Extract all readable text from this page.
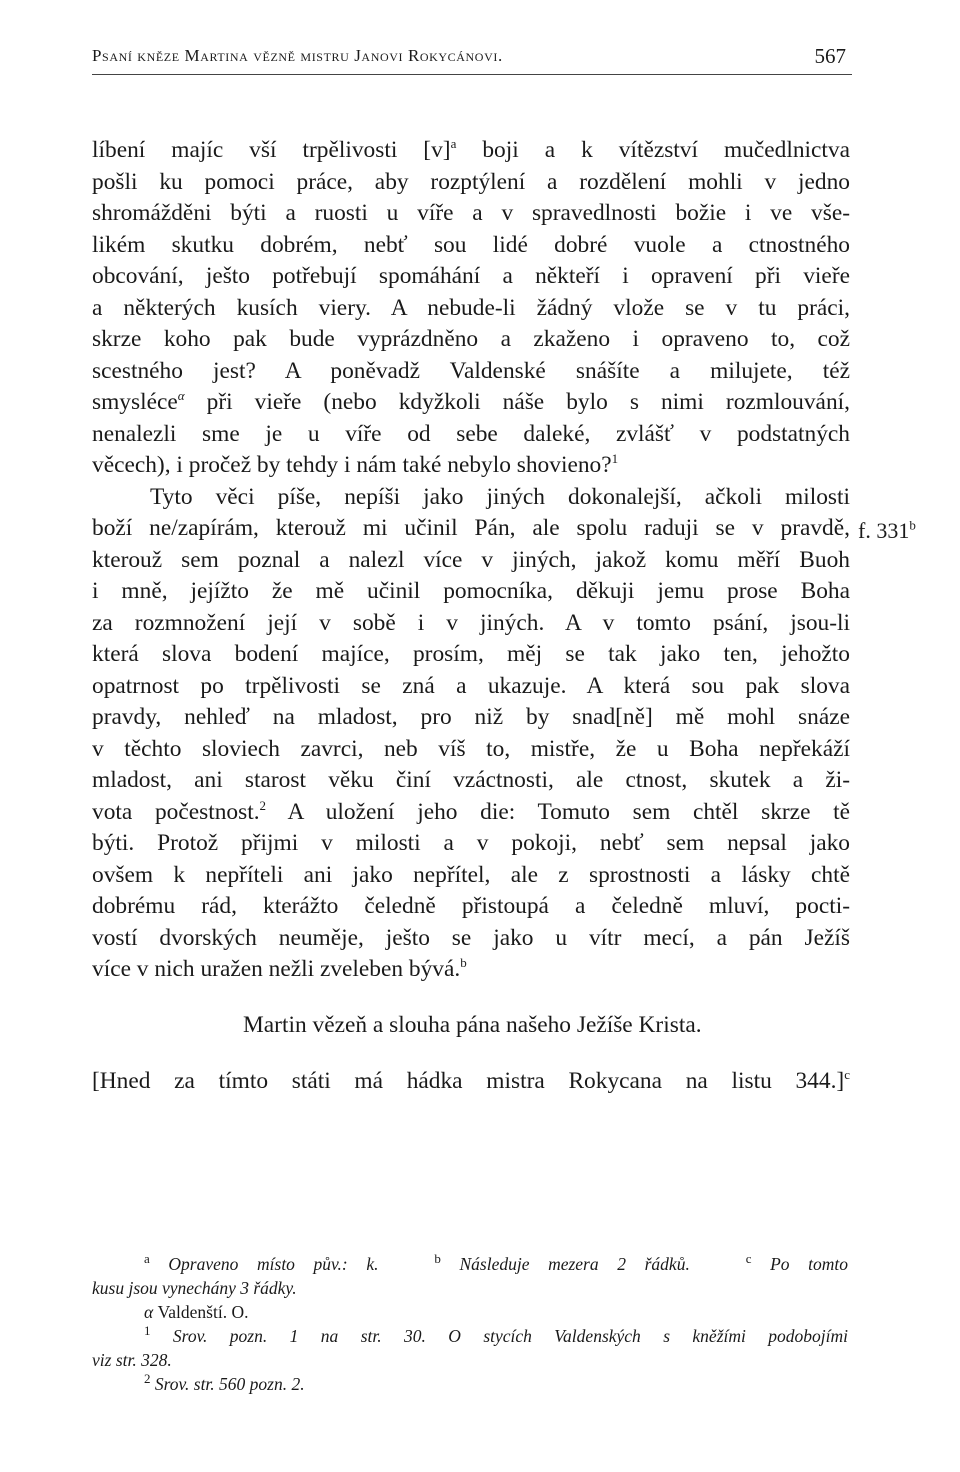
Psaní kněze Martina vězně mistru Janovi Rokycánovi.	567
líbení majíc vší trpělivosti $[v]^a$ boji a k vítězství mučedlnictva
pošli ku pomoci práce, aby rozptýlení a rozdělení mohli v jedno
shromážděni býti a ruosti u víře a v spravedlnosti božie i ve vše-
likém skutku dobrém, nebť sou lidé dobré vuole a ctnostného
obcování, ješto potřebují spomáhání a někteří i opravení při vieře
a některých kusích viery. A nebude-li žádný vlože se v tu práci,
skrze koho pak bude vyprázdněno a zkaženo i opraveno to, což
scestného jest? A poněvadž Valdenské snášíte a milujete, též
smysléce$^\alpha$ při vieře (nebo kdyžkoli náše bylo s nimi rozmlouvání,
nenalezli sme je u víře od sebe daleké, zvlášť v podstatných
věcech), i pročež by tehdy i nám také nebylo shovieno?$^1$
Tyto věci píše, nepíši jako jiných dokonalejší, ačkoli milosti
boží ne/zapírám, kterouž mi učinil Pán, ale spolu raduji se v pravdě,
kterouž sem poznal a nalezl více v jiných, jakož komu měří Buoh
i mně, jejížto že mě učinil pomocníka, děkuji jemu prose Boha
za rozmnožení její v sobě i v jiných. A v tomto psání, jsou-li
která slova bodení majíce, prosím, měj se tak jako ten, jehožto
opatrnost po trpělivosti se zná a ukazuje. A která sou pak slova
pravdy, nehleď na mladost, pro niž by snad[ně] mě mohl snáze
v těchto sloviech zavrci, neb víš to, mistře, že u Boha nepřekáží
mladost, ani starost věku činí vzáctnosti, ale ctnost, skutek a ži-
vota počestnost.$^2$ A uložení jeho die: Tomuto sem chtěl skrze tě
býti. Protož přijmi v milosti a v pokoji, nebť sem nepsal jako
ovšem k nepříteli ani jako nepřítel, ale z sprostnosti a lásky chtě
dobrému rád, kterážto čeledně přistoupá a čeledně mluví, pocti-
vostí dvorských neuměje, ješto se jako u vítr mecí, a pán Ježíš
více v nich uražen nežli zveleben bývá.$^b$
f. 331$^b$
Martin vězeň a slouha pána našeho Ježíše Krista.
[Hned za tímto státi má hádka mistra Rokycana na listu 344.]$^c$
$^a$ Opraveno místo pův.: k.	$^b$ Následuje mezera 2 řádků.	$^c$ Po tomto
kusu jsou vynechány 3 řádky.
α Valdenští. O.
$^1$ Srov. pozn. 1 na str. 30. O stycích Valdenských s kněžími podobojími
viz str. 328.
$^2$ Srov. str. 560 pozn. 2.
